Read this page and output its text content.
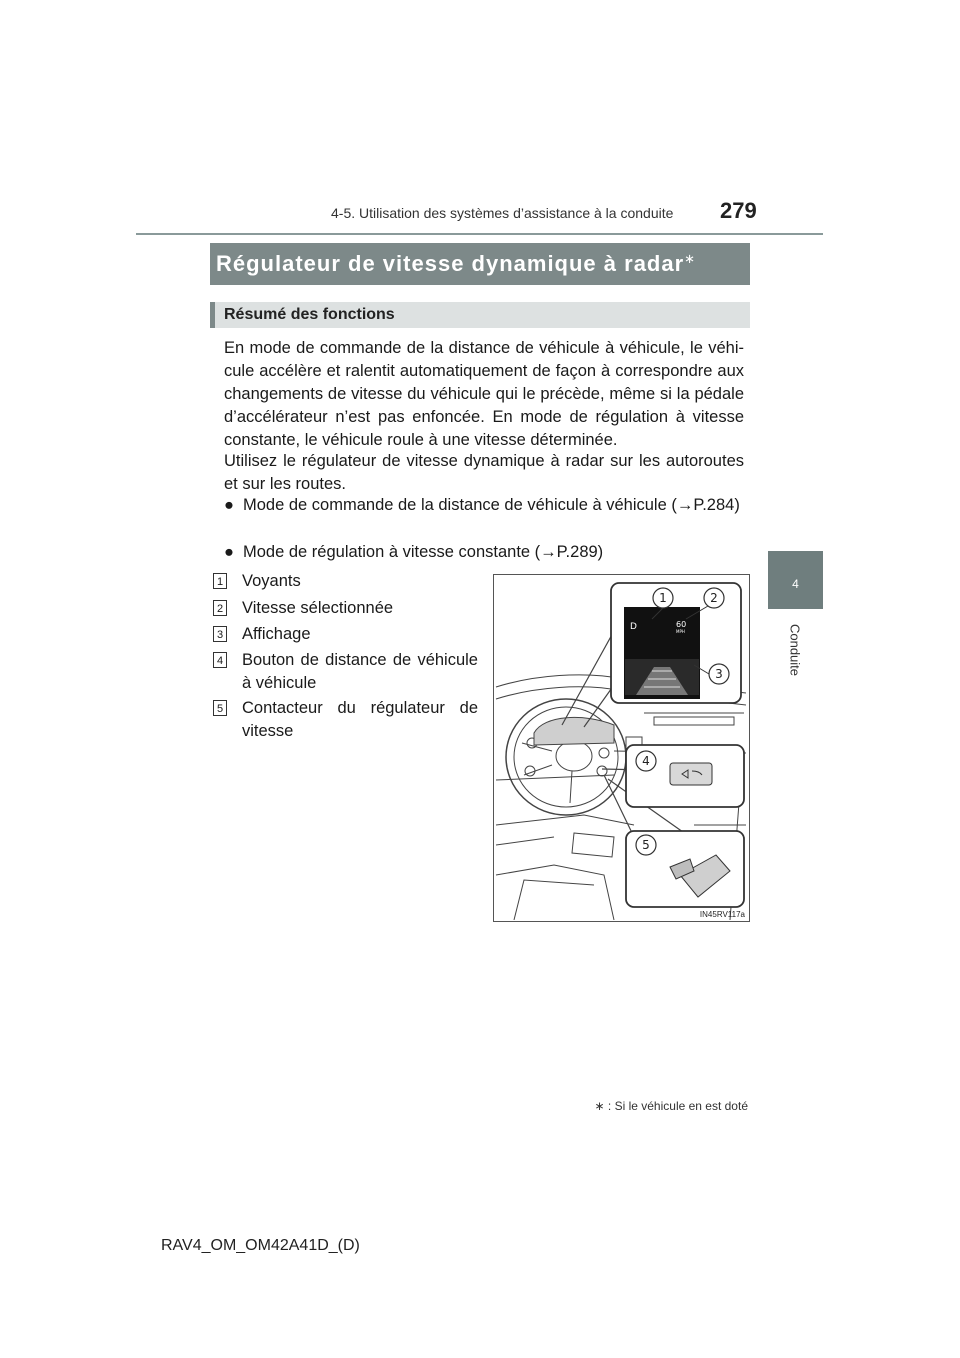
4-5. Utilisation des systèmes d’assistance à la conduite 279
4
Conduite
Régulateur de vitesse dynamique à radar∗
Résumé des fonctions
En mode de commande de la distance de véhicule à véhicule, le véhi-cule accélère et ralentit automatiquement de façon à correspondre aux changements de vitesse du véhicule qui le précède, même si la pédale d’accélérateur n’est pas enfoncée. En mode de régulation à vitesse constante, le véhicule roule à une vitesse déterminée.
Utilisez le régulateur de vitesse dynamique à radar sur les autoroutes et sur les routes.
● Mode de commande de la distance de véhicule à véhicule (→P.284)
● Mode de régulation à vitesse constante (→P.289)
1 Voyants
2 Vitesse sélectionnée
3 Affichage
4 Bouton de distance de véhicule à véhicule
5 Contacteur du régulateur de vitesse
D	60
MPH
1	2
3
4
5
IN45RV117a
∗ : Si le véhicule en est doté
RAV4_OM_OM42A41D_(D)
